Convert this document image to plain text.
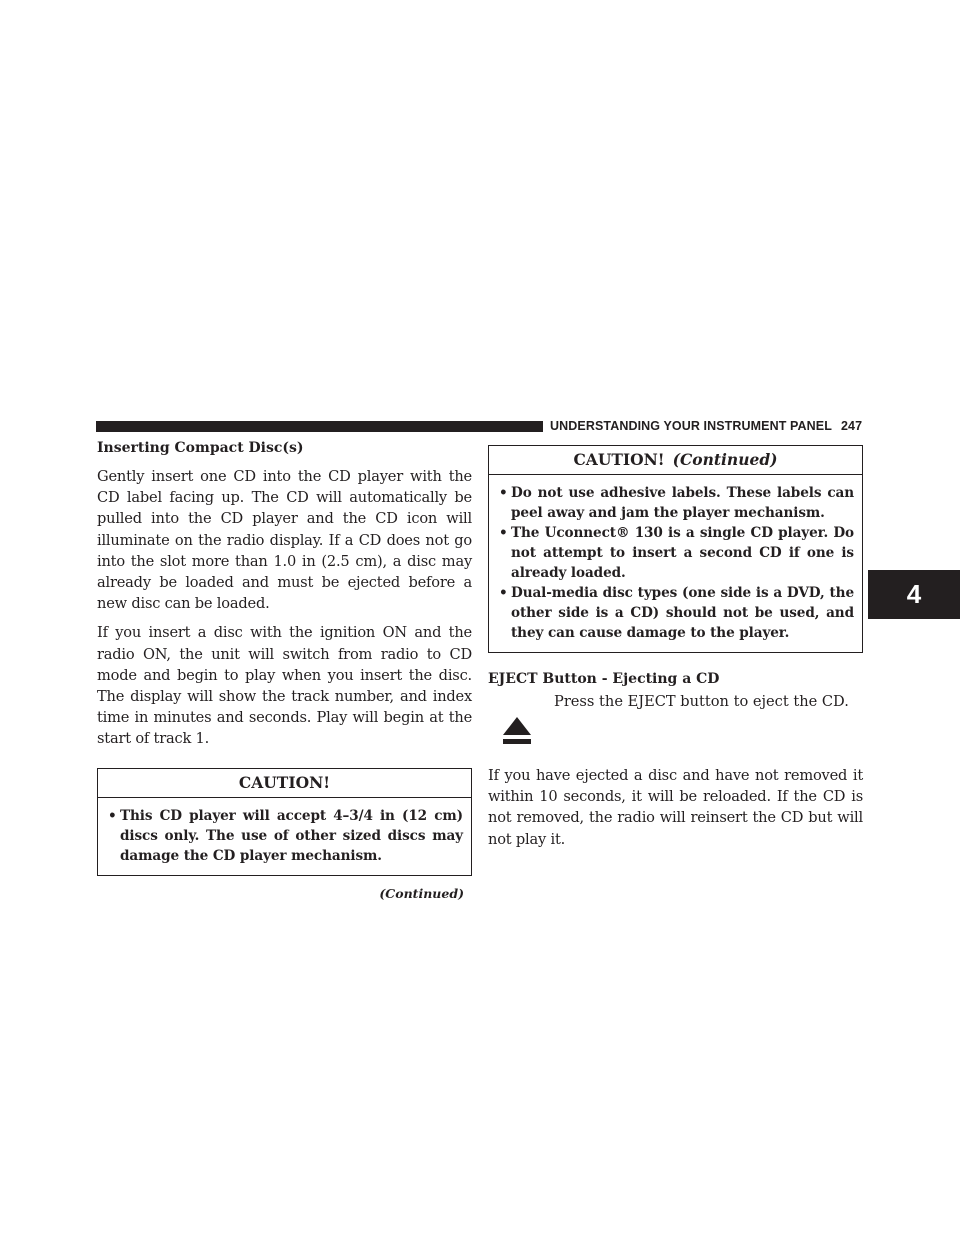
UNDERSTANDING YOUR INSTRUMENT PANEL 247
4
Inserting Compact Disc(s)

Gently insert one CD into the CD player with the CD label facing up. The CD will automatically be pulled into the CD player and the CD icon will illuminate on the radio display. If a CD does not go into the slot more than 1.0 in (2.5 cm), a disc may already be loaded and must be ejected before a new disc can be loaded.

If you insert a disc with the ignition ON and the radio ON, the unit will switch from radio to CD mode and begin to play when you insert the disc. The display will show the track number, and index time in minutes and seconds. Play will begin at the start of track 1.

CAUTION!
• This CD player will accept 4–3/4 in (12 cm) discs only. The use of other sized discs may damage the CD player mechanism.
(Continued)
CAUTION! (Continued)
• Do not use adhesive labels. These labels can peel away and jam the player mechanism.
• The Uconnect® 130 is a single CD player. Do not attempt to insert a second CD if one is already loaded.
• Dual-media disc types (one side is a DVD, the other side is a CD) should not be used, and they can cause damage to the player.
EJECT Button - Ejecting a CD
Press the EJECT button to eject the CD.

If you have ejected a disc and have not removed it within 10 seconds, it will be reloaded. If the CD is not removed, the radio will reinsert the CD but will not play it.
